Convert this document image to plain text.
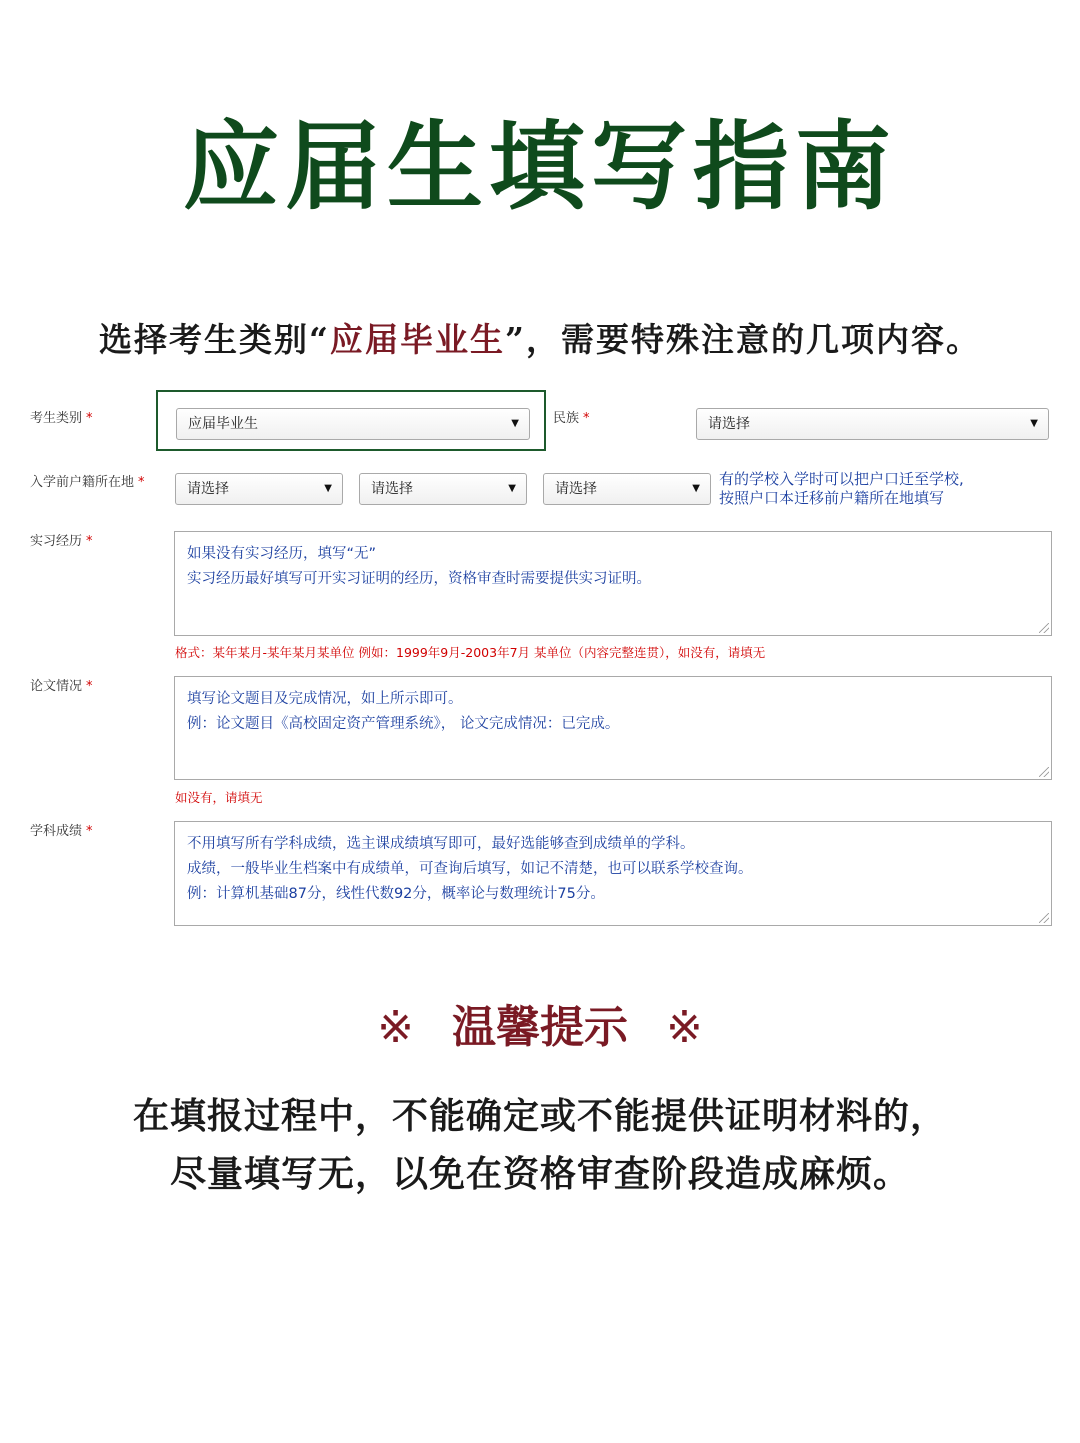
应届生填写指南
选择考生类别“应届毕业生”，需要特殊注意的几项内容。
考生类别 *	应届毕业生	▼	民族 *	请选择	▼
入学前户籍所在地 *	请选择	▼	请选择	▼	请选择	▼
有的学校入学时可以把户口迁至学校,
按照户口本迁移前户籍所在地填写
实习经历 *
如果没有实习经历，填写“无”
实习经历最好填写可开实习证明的经历，资格审查时需要提供实习证明。
格式：某年某月-某年某月某单位 例如：1999年9月-2003年7月 某单位（内容完整连贯），如没有，请填无
论文情况 *
填写论文题目及完成情况，如上所示即可。
例：论文题目《高校固定资产管理系统》， 论文完成情况：已完成。
如没有，请填无
学科成绩 *
不用填写所有学科成绩，选主课成绩填写即可，最好选能够查到成绩单的学科。
成绩，一般毕业生档案中有成绩单，可查询后填写，如记不清楚，也可以联系学校查询。
例：计算机基础87分，线性代数92分，概率论与数理统计75分。
※ 温馨提示 ※
在填报过程中，不能确定或不能提供证明材料的，
尽量填写无，以免在资格审查阶段造成麻烦。
